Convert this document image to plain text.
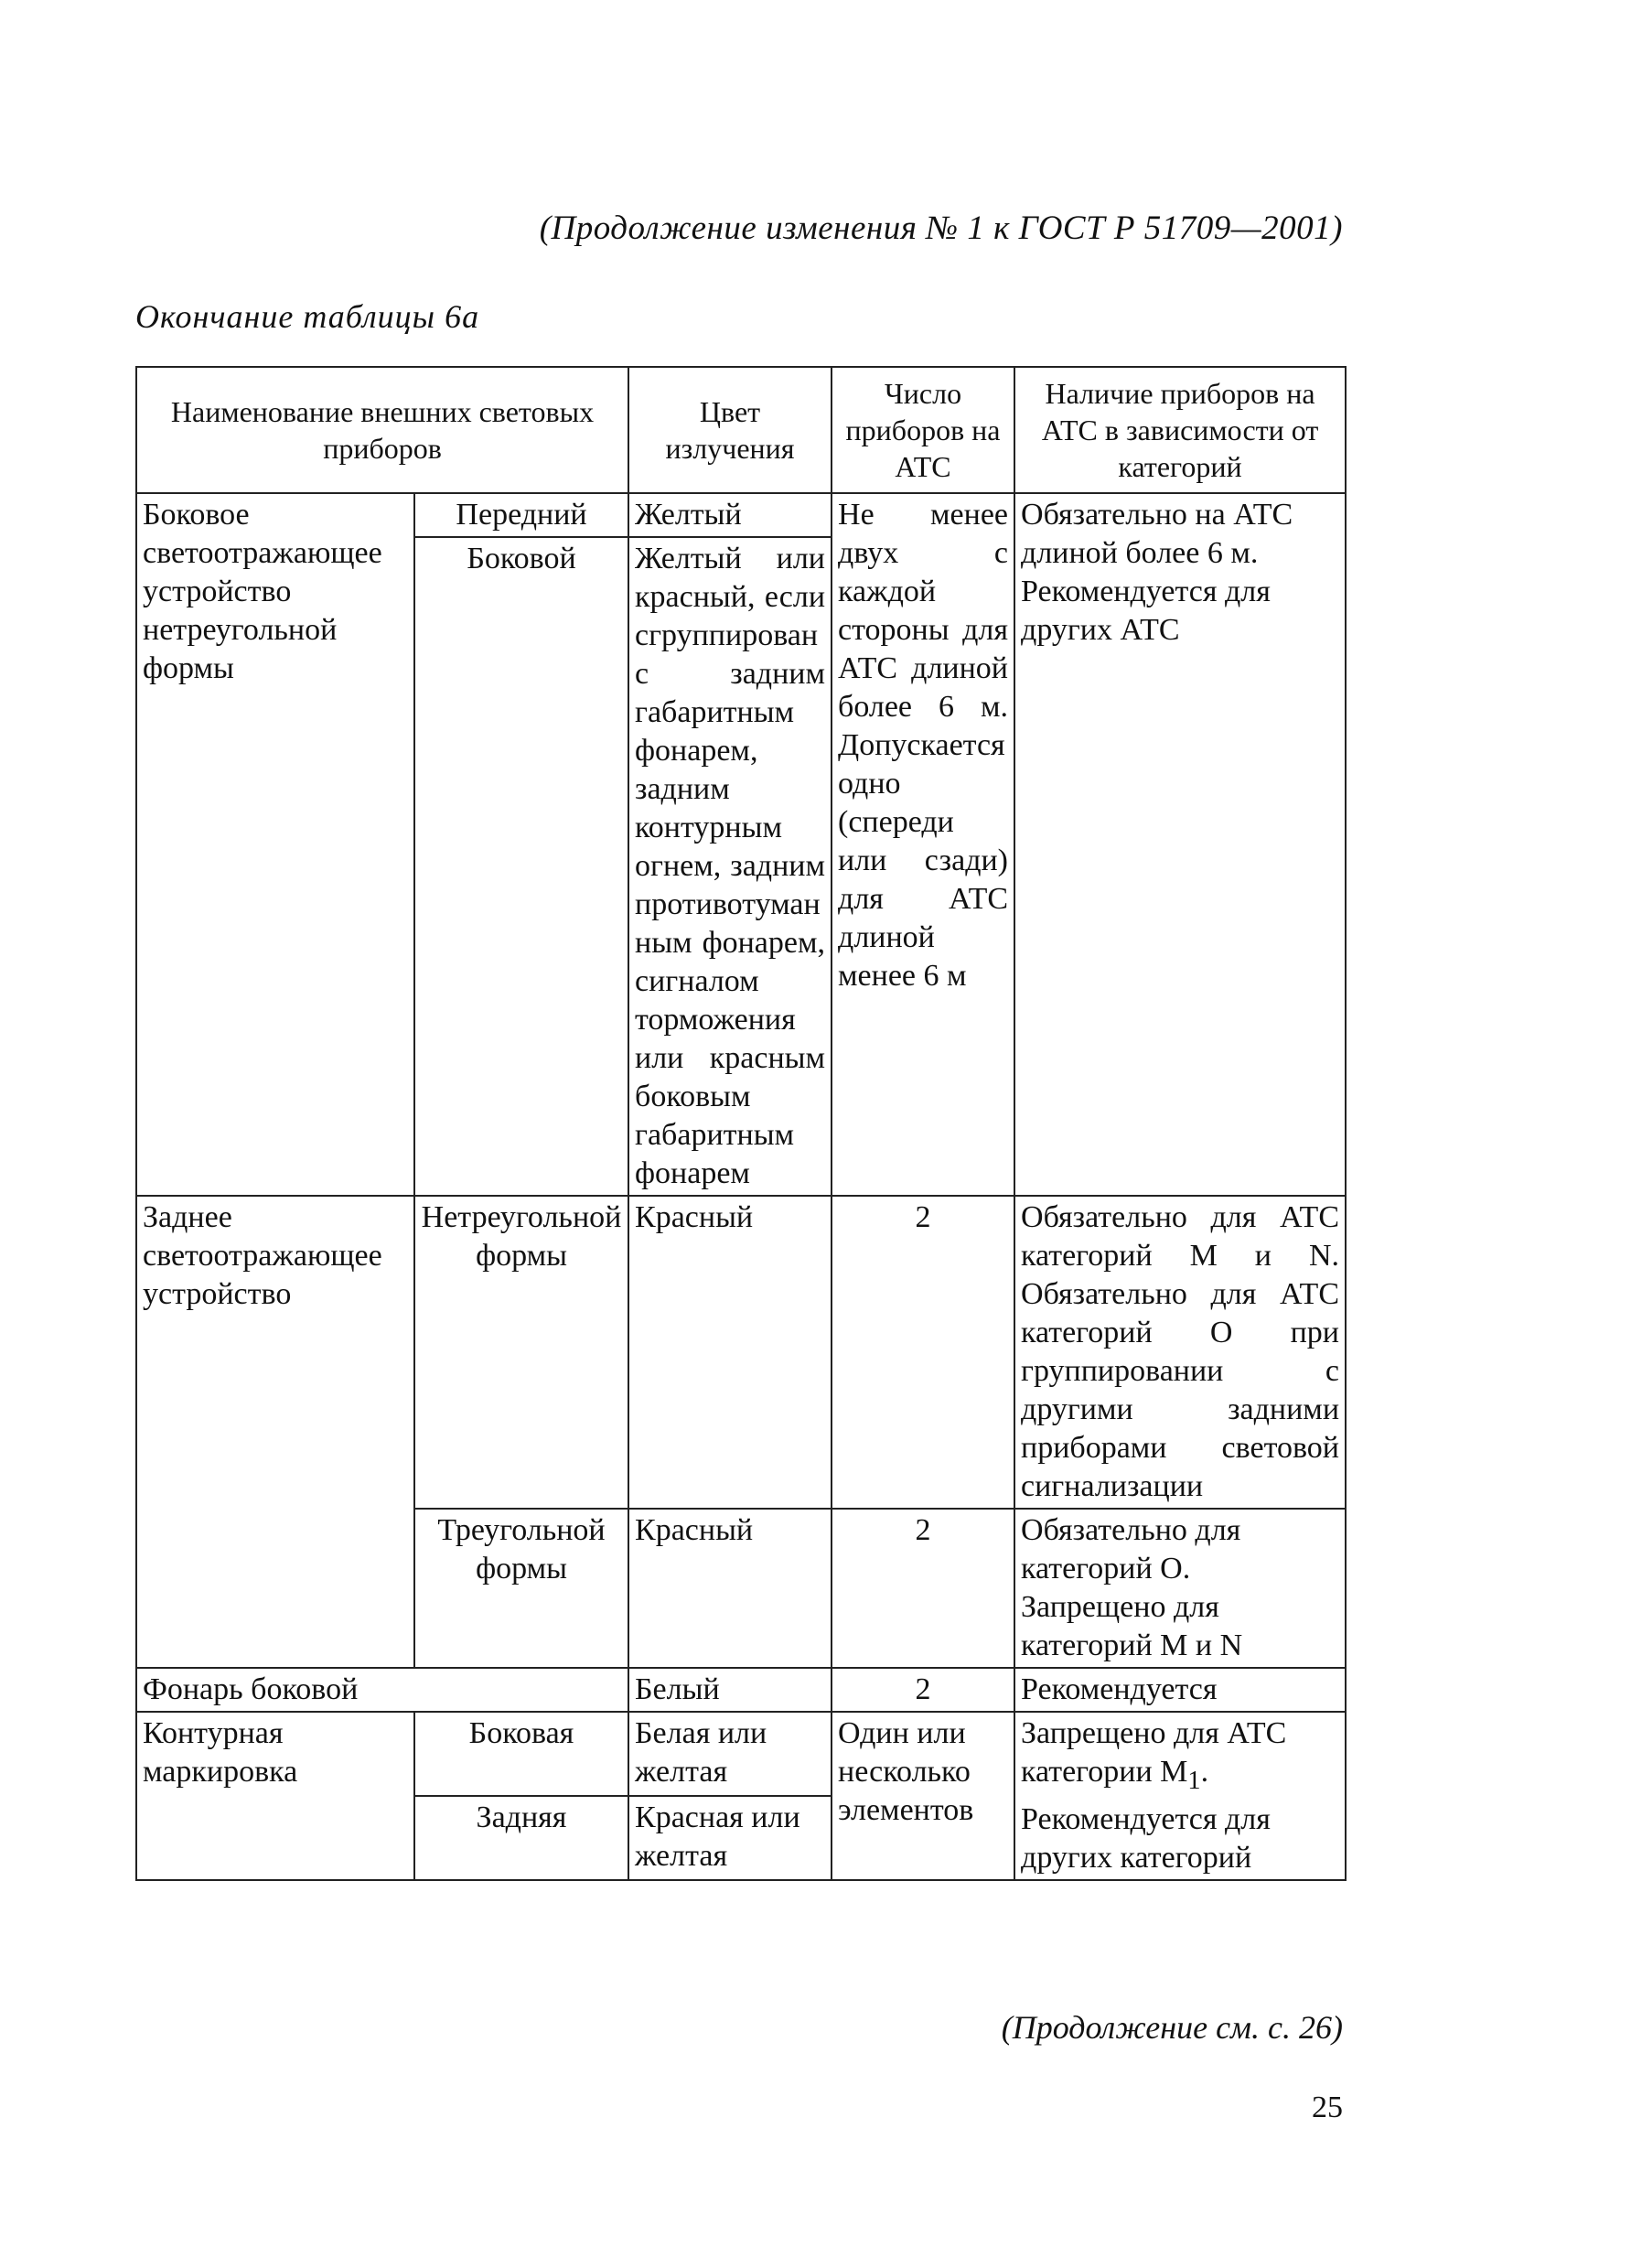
(Продолжение изменения № 1 к ГОСТ Р 51709—2001)
Окончание таблицы 6а
Наименование внешних световых приборов		Цвет излучения	Число приборов на АТС	Наличие приборов на АТС в зависимости от категорий
Боковое светоотражающее устройство нетреугольной формы	Передний	Желтый	Не менее двух с каждой стороны для АТС длиной более 6 м. Допускается одно (спереди или сзади) для АТС длиной менее 6 м	Обязательно на АТС длиной более 6 м. Рекомендуется для других АТС
	Боковой	Желтый или красный, если сгруппирован с задним габаритным фонарем, задним контурным огнем, задним противотуманным фонарем, сигналом торможения или красным боковым габаритным фонарем		
Заднее светоотражающее устройство	Нетреугольной формы	Красный	2	Обязательно для АТС категорий M и N. Обязательно для АТС категорий O при группировании с другими задними приборами световой сигнализации
	Треугольной формы	Красный	2	Обязательно для категорий O. Запрещено для категорий M и N
Фонарь боковой		Белый	2	Рекомендуется
Контурная маркировка	Боковая	Белая или желтая	Один или несколько элементов	Запрещено для АТС категории $M_1$. Рекомендуется для других категорий
	Задняя	Красная или желтая		
(Продолжение см. с. 26)
25
